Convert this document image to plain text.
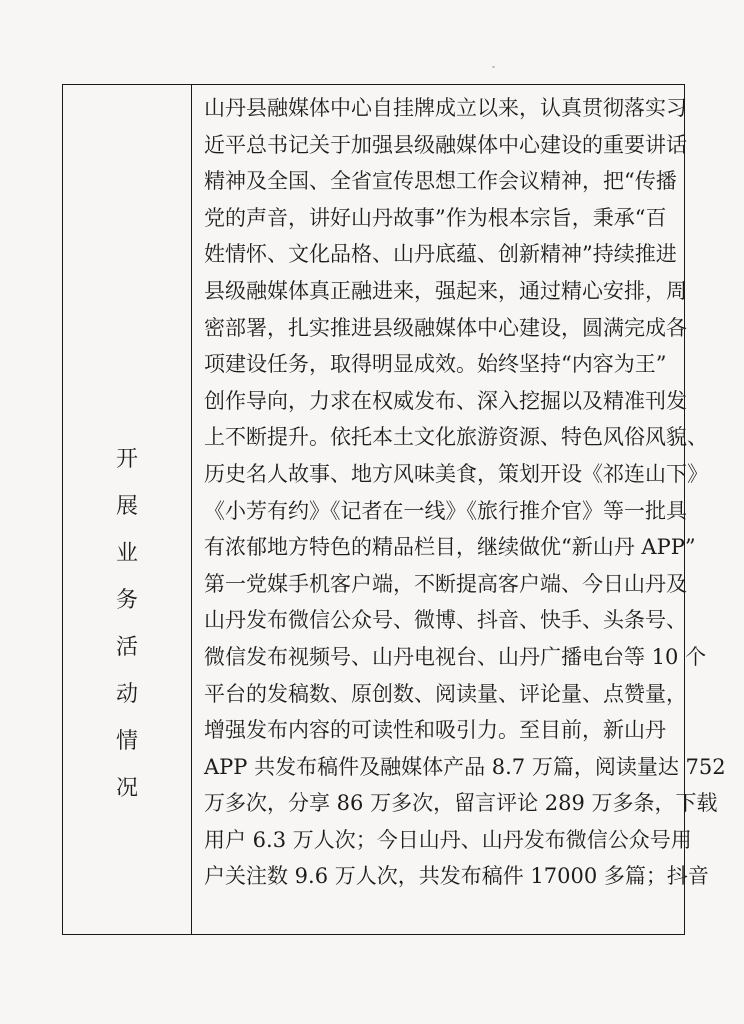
开
展
业
务
活
动
情
况
山丹县融媒体中心自挂牌成立以来，认真贯彻落实习
近平总书记关于加强县级融媒体中心建设的重要讲话
精神及全国、全省宣传思想工作会议精神，把“传播
党的声音，讲好山丹故事”作为根本宗旨，秉承“百
姓情怀、文化品格、山丹底蕴、创新精神”持续推进
县级融媒体真正融进来，强起来，通过精心安排，周
密部署，扎实推进县级融媒体中心建设，圆满完成各
项建设任务，取得明显成效。始终坚持“内容为王”
创作导向，力求在权威发布、深入挖掘以及精准刊发
上不断提升。依托本土文化旅游资源、特色风俗风貌、
历史名人故事、地方风味美食，策划开设《祁连山下》
《小芳有约》《记者在一线》《旅行推介官》等一批具
有浓郁地方特色的精品栏目，继续做优“新山丹 APP”
第一党媒手机客户端，不断提高客户端、今日山丹及
山丹发布微信公众号、微博、抖音、快手、头条号、
微信发布视频号、山丹电视台、山丹广播电台等 10 个
平台的发稿数、原创数、阅读量、评论量、点赞量，
增强发布内容的可读性和吸引力。至目前，新山丹
APP 共发布稿件及融媒体产品 8.7 万篇，阅读量达 752
万多次，分享 86 万多次，留言评论 289 万多条，下载
用户 6.3 万人次；今日山丹、山丹发布微信公众号用
户关注数 9.6 万人次，共发布稿件 17000 多篇；抖音
